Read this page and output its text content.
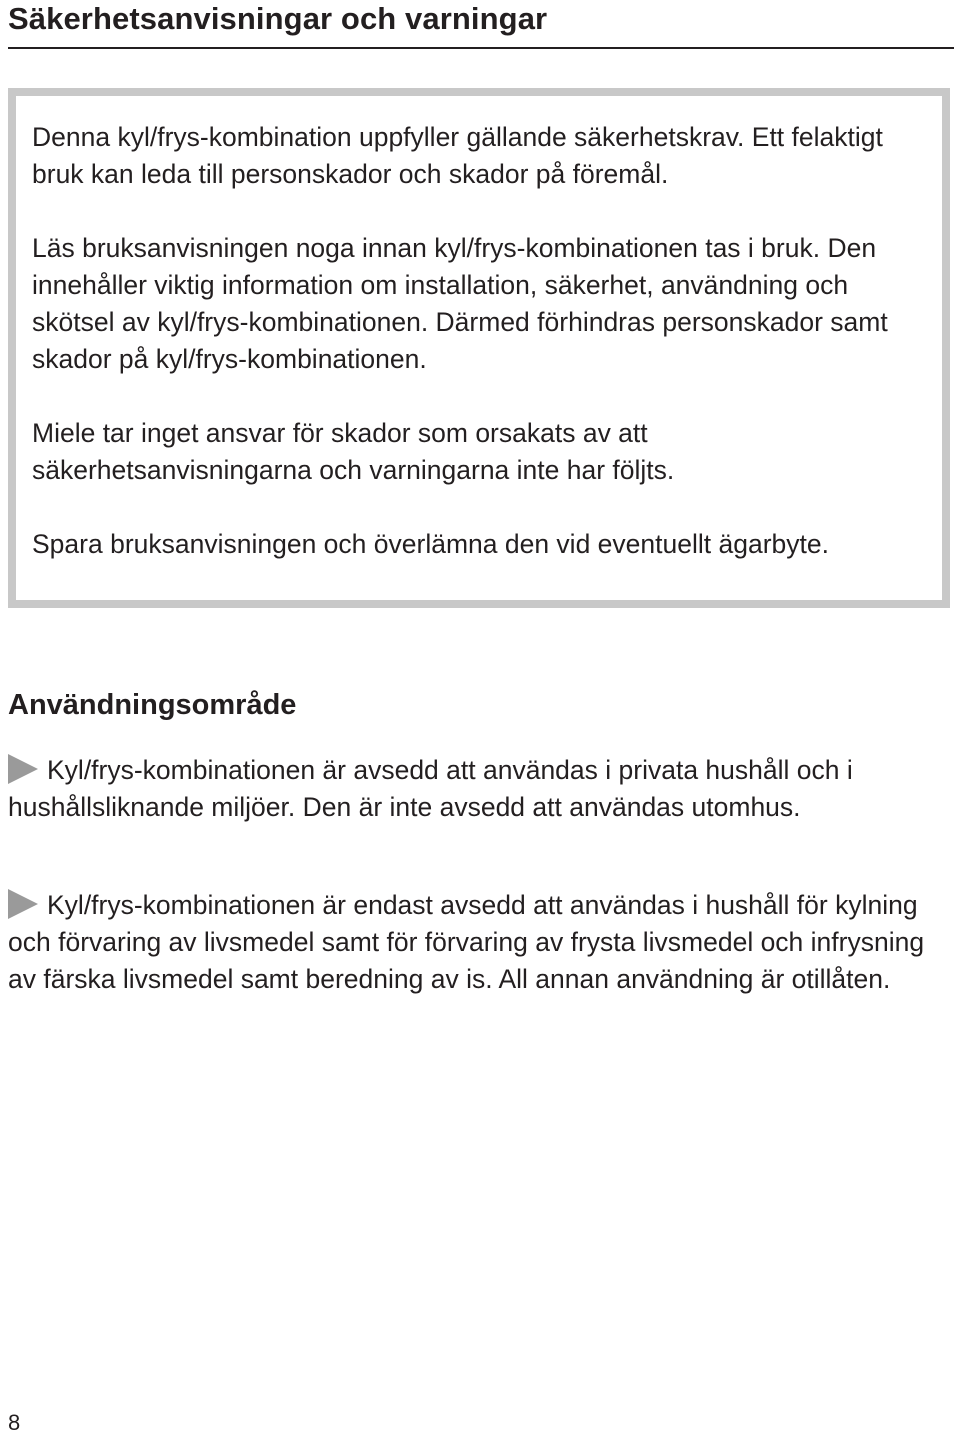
Säkerhetsanvisningar och varningar

Denna kyl/frys-kombination uppfyller gällande säkerhetskrav. Ett felaktigt bruk kan leda till personskador och skador på föremål.

Läs bruksanvisningen noga innan kyl/frys-kombinationen tas i bruk. Den innehåller viktig information om installation, säkerhet, användning och skötsel av kyl/frys-kombinationen. Därmed förhindras personskador samt skador på kyl/frys-kombinationen.

Miele tar inget ansvar för skador som orsakats av att säkerhetsanvisningarna och varningarna inte har följts.

Spara bruksanvisningen och överlämna den vid eventuellt ägarbyte.

Användningsområde

Kyl/frys-kombinationen är avsedd att användas i privata hushåll och i hushållsliknande miljöer. Den är inte avsedd att användas utomhus.

Kyl/frys-kombinationen är endast avsedd att användas i hushåll för kylning och förvaring av livsmedel samt för förvaring av frysta livsmedel och infrysning av färska livsmedel samt beredning av is. All annan användning är otillåten.

8
